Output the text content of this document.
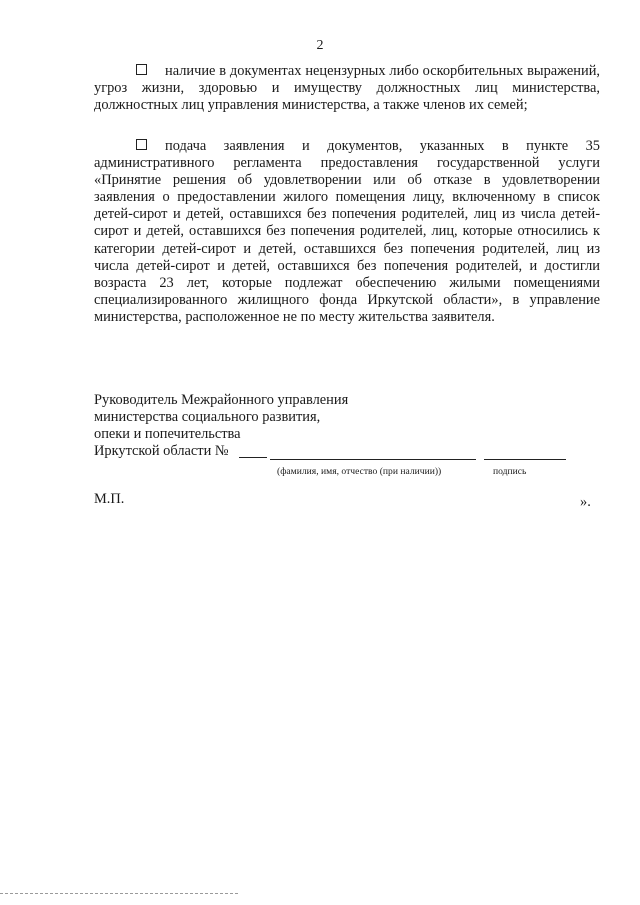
2
наличие в документах нецензурных либо оскорбительных выражений, угроз жизни, здоровью и имуществу должностных лиц министерства, должностных лиц управления министерства, а также членов их семей;
подача заявления и документов, указанных в пункте 35 административного регламента предоставления государственной услуги «Принятие решения об удовлетворении или об отказе в удовлетворении заявления о предоставлении жилого помещения лицу, включенному в список детей-сирот и детей, оставшихся без попечения родителей, лиц из числа детей-сирот и детей, оставшихся без попечения родителей, лиц, которые относились к категории детей-сирот и детей, оставшихся без попечения родителей, лиц из числа детей-сирот и детей, оставшихся без попечения родителей, и достигли возраста 23 лет, которые подлежат обеспечению жилыми помещениями специализированного жилищного фонда Иркутской области», в управление министерства, расположенное не по месту жительства заявителя.
Руководитель Межрайонного управления
министерства социального развития,
опеки и попечительства
Иркутской области №
(фамилия, имя, отчество (при наличии))	подпись
М.П.	».
